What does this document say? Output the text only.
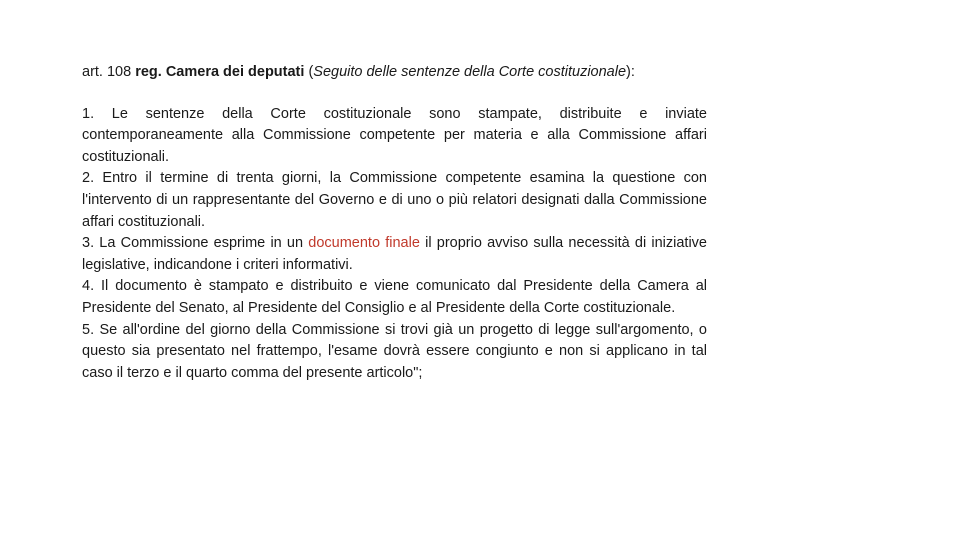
art. 108 reg. Camera dei deputati (Seguito delle sentenze della Corte costituzionale):

1. Le sentenze della Corte costituzionale sono stampate, distribuite e inviate contemporaneamente alla Commissione competente per materia e alla Commissione affari costituzionali.

2. Entro il termine di trenta giorni, la Commissione competente esamina la questione con l'intervento di un rappresentante del Governo e di uno o più relatori designati dalla Commissione affari costituzionali.

3. La Commissione esprime in un documento finale il proprio avviso sulla necessità di iniziative legislative, indicandone i criteri informativi.

4. Il documento è stampato e distribuito e viene comunicato dal Presidente della Camera al Presidente del Senato, al Presidente del Consiglio e al Presidente della Corte costituzionale.

5. Se all'ordine del giorno della Commissione si trovi già un progetto di legge sull'argomento, o questo sia presentato nel frattempo, l'esame dovrà essere congiunto e non si applicano in tal caso il terzo e il quarto comma del presente articolo";
